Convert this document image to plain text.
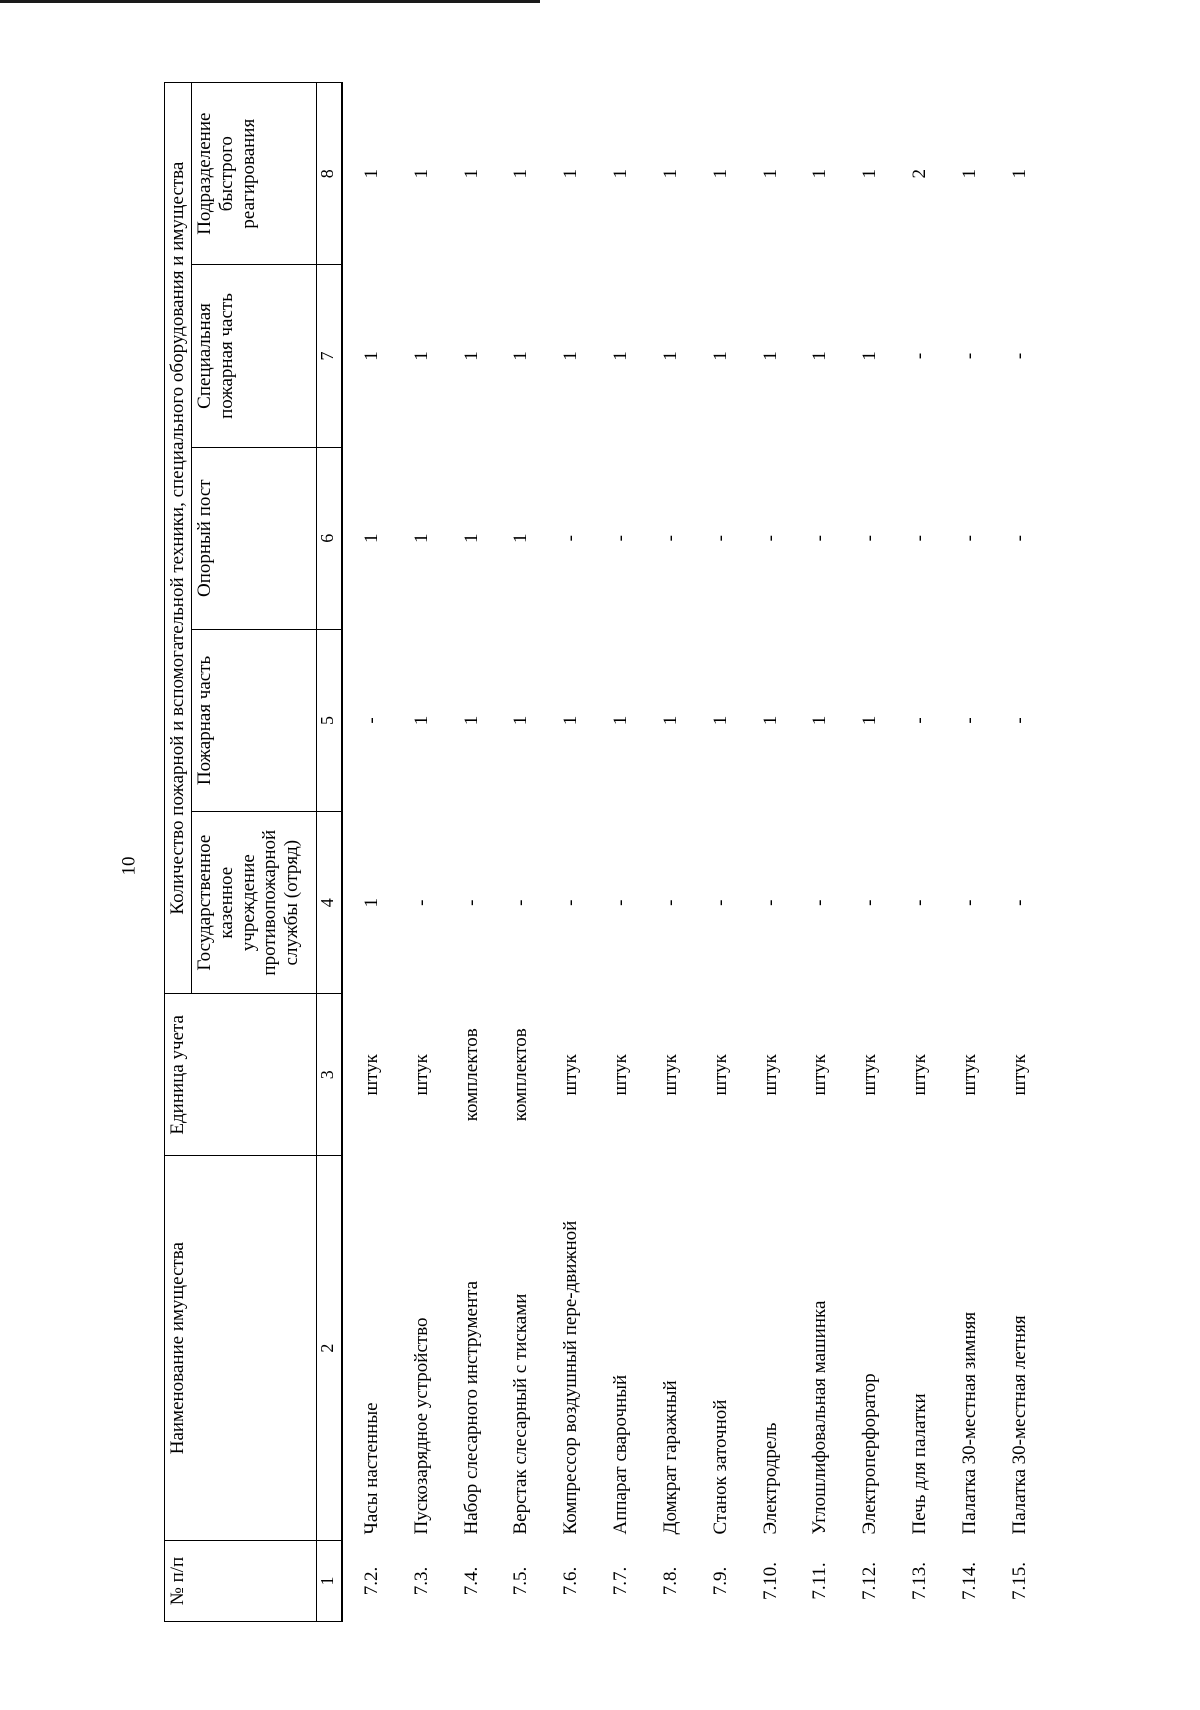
10
№ п/п	Наименование имущества	Единица учета	Количество пожарной и вспомогательной техники, специального оборудования и имущества				
			Государственное казенное учреждение противопожарной службы (отряд)	Пожарная часть	Опорный пост	Специальная пожарная часть	Подразделение быстрого реагирования
1	2	3	4	5	6	7	8
7.2.	Часы настенные	штук	1	-	1	1	1
7.3.	Пускозарядное устройство	штук	-	1	1	1	1
7.4.	Набор слесарного инструмента	комплектов	-	1	1	1	1
7.5.	Верстак слесарный с тисками	комплектов	-	1	1	1	1
7.6.	Компрессор воздушный пере-движной	штук	-	1	-	1	1
7.7.	Аппарат сварочный	штук	-	1	-	1	1
7.8.	Домкрат гаражный	штук	-	1	-	1	1
7.9.	Станок заточной	штук	-	1	-	1	1
7.10.	Электродрель	штук	-	1	-	1	1
7.11.	Углошлифовальная машинка	штук	-	1	-	1	1
7.12.	Электроперфоратор	штук	-	1	-	1	1
7.13.	Печь для палатки	штук	-	-	-	-	2
7.14.	Палатка 30-местная зимняя	штук	-	-	-	-	1
7.15.	Палатка 30-местная летняя	штук	-	-	-	-	1
